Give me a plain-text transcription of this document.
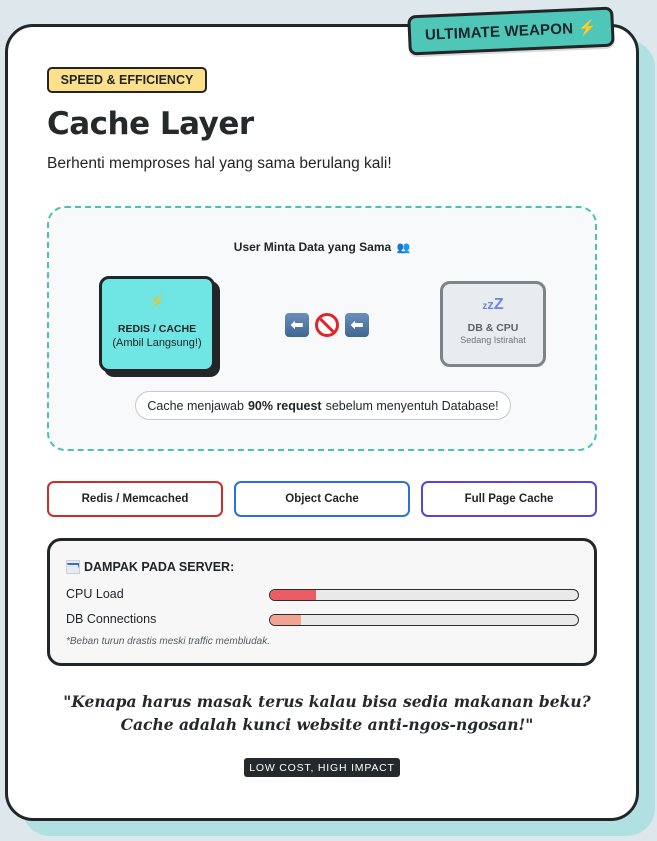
ULTIMATE WEAPON ⚡
SPEED & EFFICIENCY
Cache Layer

Berhenti memproses hal yang sama berulang kali!

User Minta Data yang Sama 👥
⚡
REDIS / CACHE
(Ambil Langsung!)
⬅	⬅
zzZ
DB & CPU
Sedang Istirahat
Cache menjawab 90% request sebelum menyentuh Database!
Redis / Memcached	Object Cache	Full Page Cache
DAMPAK PADA SERVER:
CPU Load
DB Connections
*Beban turun drastis meski traffic membludak.
"Kenapa harus masak terus kalau bisa sedia makanan beku?
Cache adalah kunci website anti-ngos-ngosan!"
LOW COST, HIGH IMPACT
